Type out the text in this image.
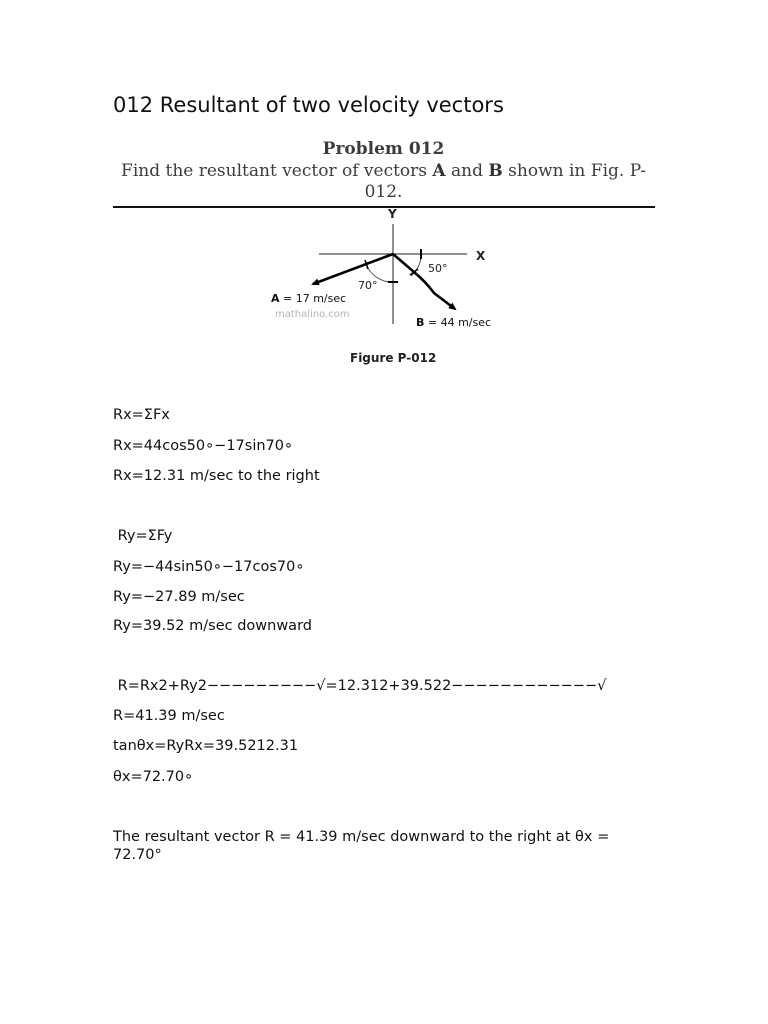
012 Resultant of two velocity vectors
Problem 012
Find the resultant vector of vectors A and B shown in Fig. P-012.
Y
X
50°
70°
A = 17 m/sec
mathalino.com
B = 44 m/sec
Figure P-012
Rx=ΣFx
Rx=44cos50∘−17sin70∘
Rx=12.31 m/sec to the right
Ry=ΣFy
Ry=−44sin50∘−17cos70∘
Ry=−27.89 m/sec
Ry=39.52 m/sec downward
R=Rx2+Ry2−−−−−−−−−√=12.312+39.522−−−−−−−−−−−−√
R=41.39 m/sec
tanθx=RyRx=39.5212.31
θx=72.70∘
The resultant vector R = 41.39 m/sec downward to the right at θx = 72.70°
